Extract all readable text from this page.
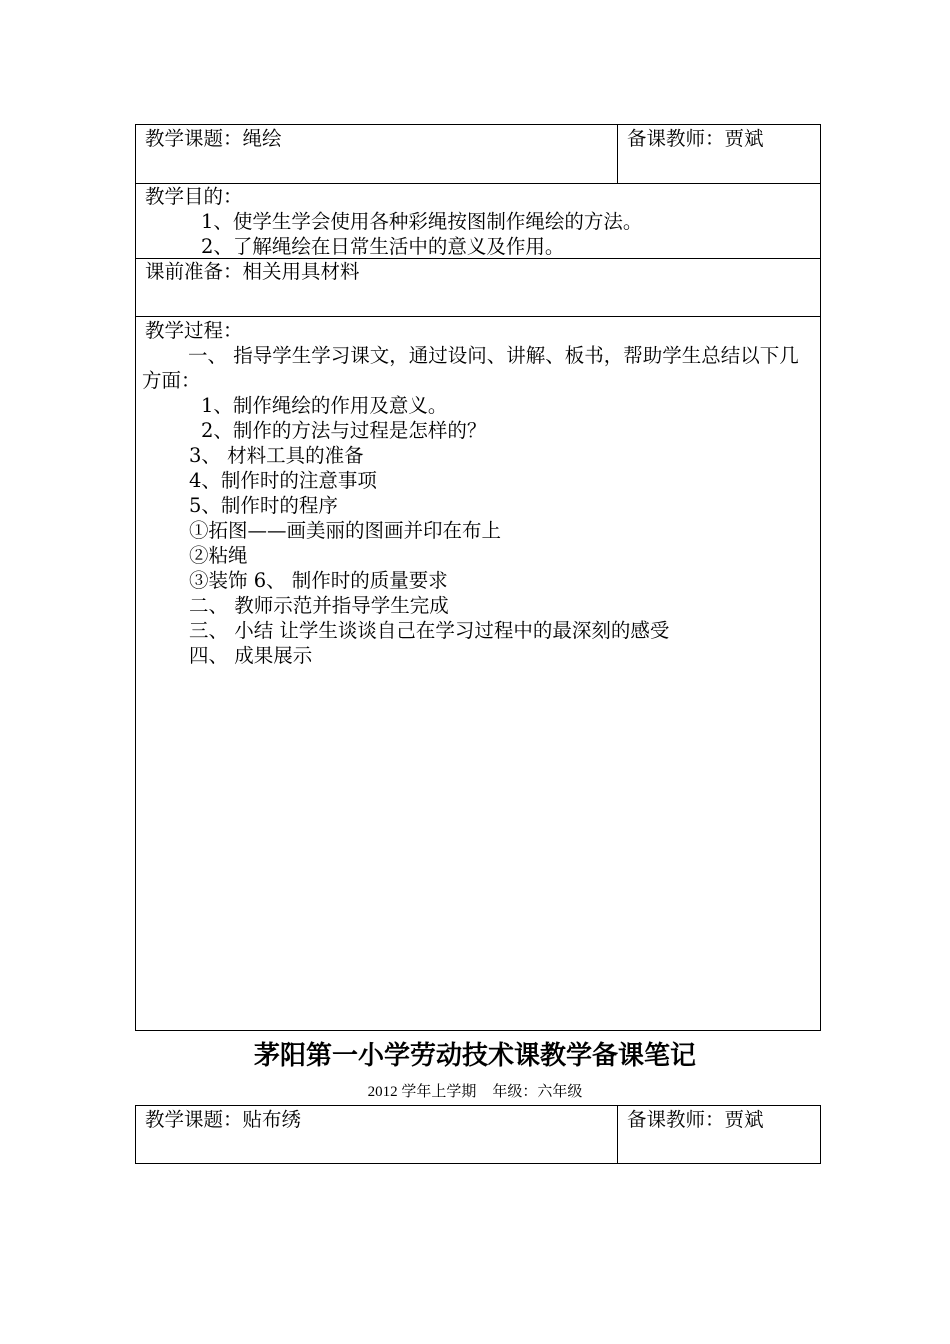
教学课题：绳绘	备课教师：贾斌
教学目的：
1、使学生学会使用各种彩绳按图制作绳绘的方法。
2、了解绳绘在日常生活中的意义及作用。
课前准备：相关用具材料
教学过程：
一、 指导学生学习课文，通过设问、讲解、板书，帮助学生总结以下几方面：
1、制作绳绘的作用及意义。
2、制作的方法与过程是怎样的？
3、 材料工具的准备
4、制作时的注意事项
5、制作时的程序
①拓图——画美丽的图画并印在布上
②粘绳
③装饰 6、 制作时的质量要求
二、 教师示范并指导学生完成
三、 小结 让学生谈谈自己在学习过程中的最深刻的感受
四、 成果展示
茅阳第一小学劳动技术课教学备课笔记
2012 学年上学期 年级：六年级
教学课题：贴布绣	备课教师：贾斌
